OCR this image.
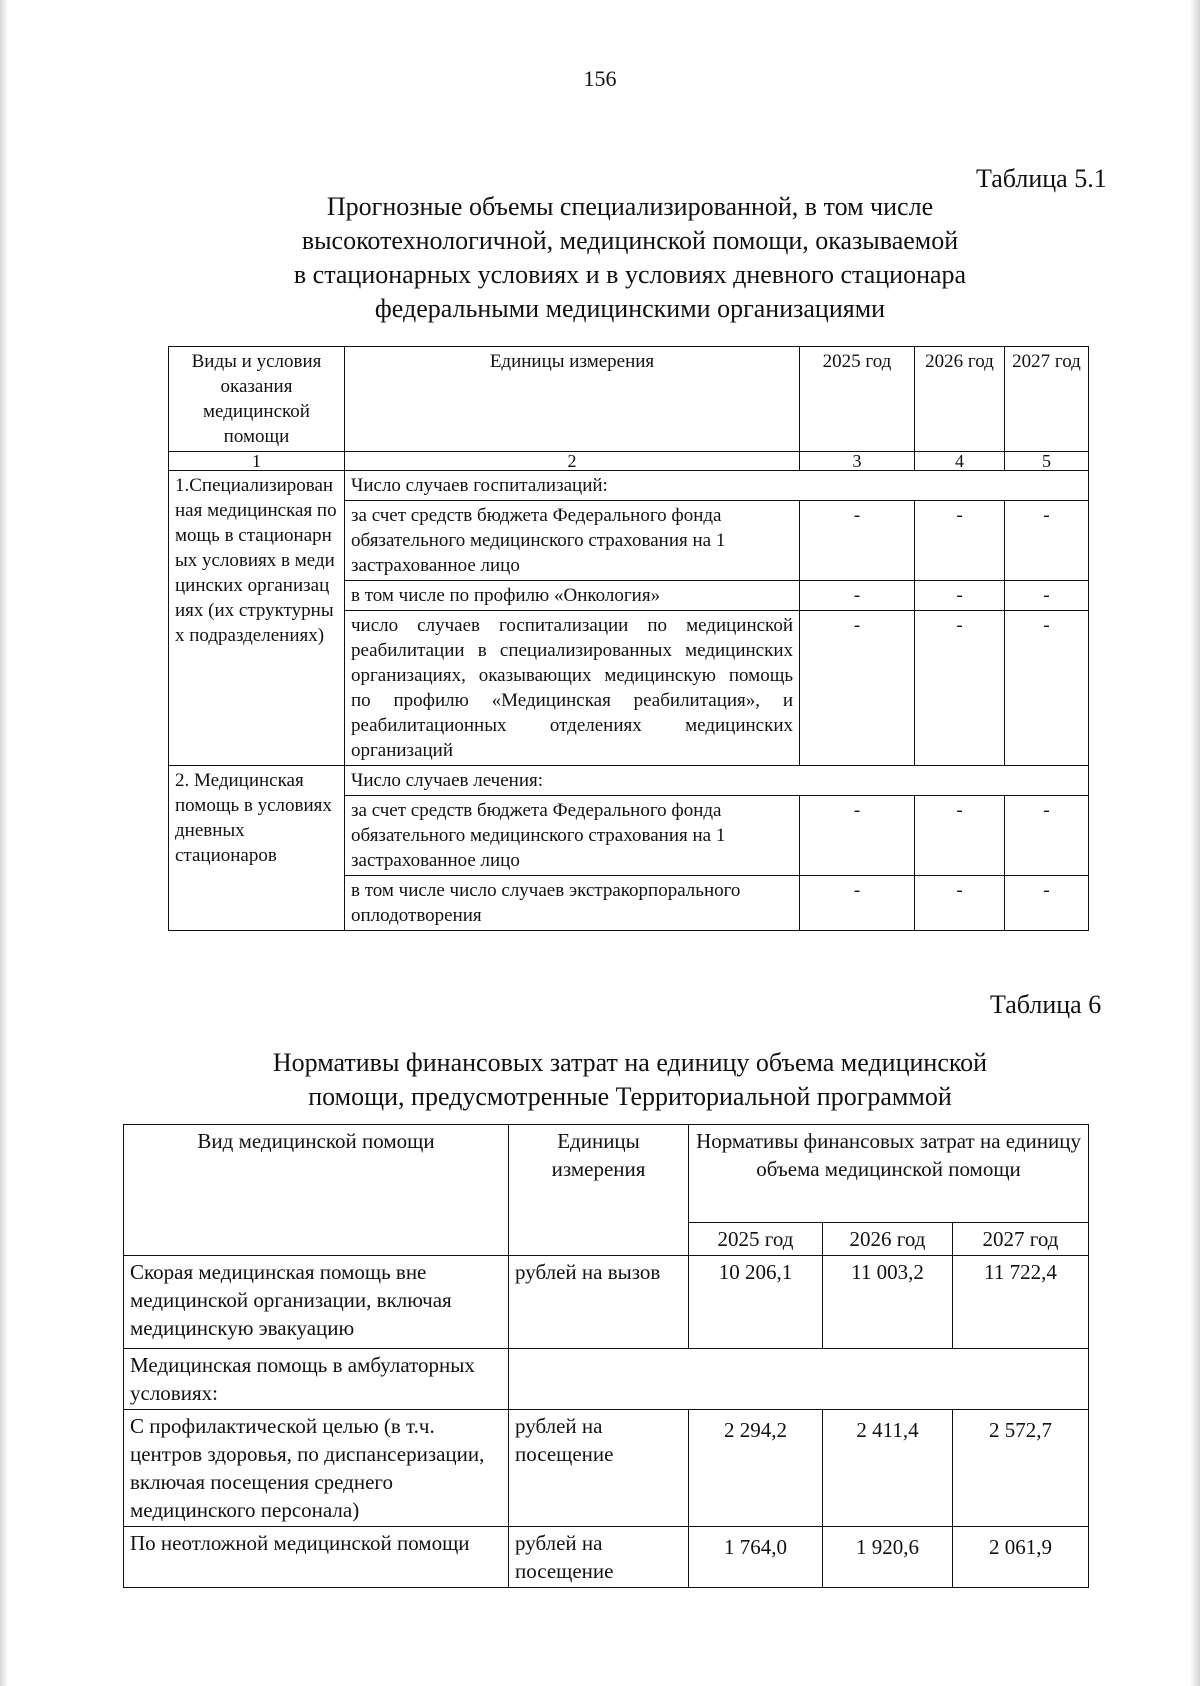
156
Таблица 5.1
Прогнозные объемы специализированной, в том числе
высокотехнологичной, медицинской помощи, оказываемой
в стационарных условиях и в условиях дневного стационара
федеральными медицинскими организациями
Виды и условия оказания медицинской помощи	Единицы измерения	2025 год	2026 год	2027 год
1	2	3	4	5
1.Специализированная медицинская помощь в стационарных условиях в медицинских организациях (их структурных подразделениях)	Число случаев госпитализаций:			
	за счет средств бюджета Федерального фонда обязательного медицинского страхования на 1 застрахованное лицо	-	-	-
	в том числе по профилю «Онкология»	-	-	-
	число случаев госпитализации по медицинской реабилитации в специализированных медицинских организациях, оказывающих медицинскую помощь по профилю «Медицинская реабилитация», и реабилитационных отделениях медицинских организаций	-	-	-
2. Медицинская помощь в условиях дневных стационаров	Число случаев лечения:			
	за счет средств бюджета Федерального фонда обязательного медицинского страхования на 1 застрахованное лицо	-	-	-
	в том числе число случаев экстракорпорального оплодотворения	-	-	-
Таблица 6
Нормативы финансовых затрат на единицу объема медицинской
помощи, предусмотренные Территориальной программой
Вид медицинской помощи	Единицы измерения	Нормативы финансовых затрат на единицу объема медицинской помощи		
		2025 год	2026 год	2027 год
Скорая медицинская помощь вне медицинской организации, включая медицинскую эвакуацию	рублей на вызов	10 206,1	11 003,2	11 722,4
Медицинская помощь в амбулаторных условиях:				
С профилактической целью (в т.ч. центров здоровья, по диспансеризации, включая посещения среднего медицинского персонала)	рублей на посещение	2 294,2	2 411,4	2 572,7
По неотложной медицинской помощи	рублей на посещение	1 764,0	1 920,6	2 061,9
